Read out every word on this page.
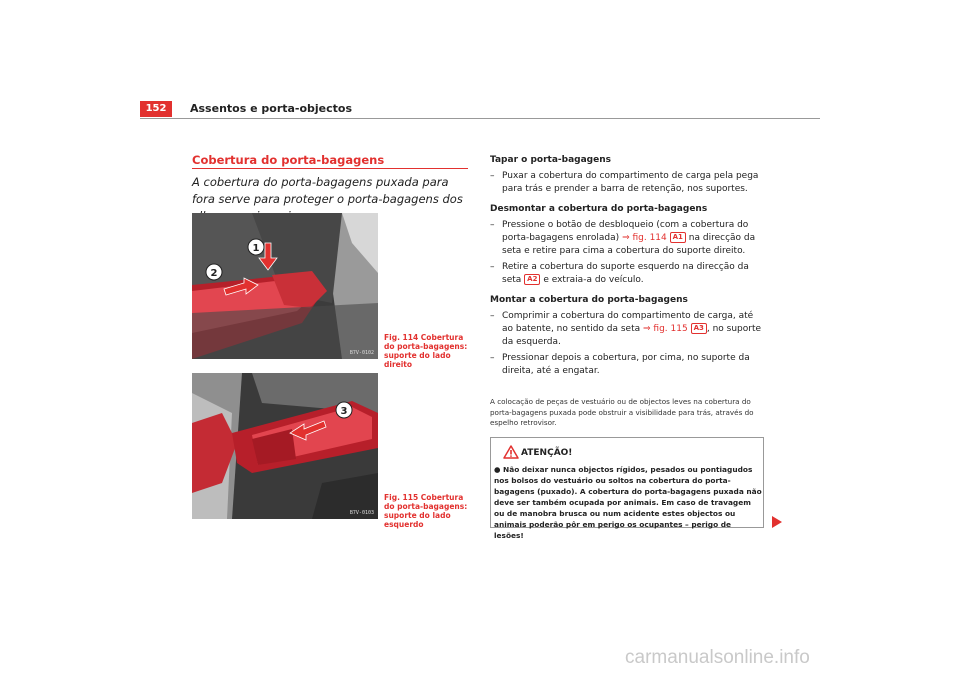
152	Assentos e porta-objectos
Cobertura do porta-bagagens
A cobertura do porta-bagagens puxada para fora serve para proteger o porta-bagagens dos
1
2
B7V-0102
Fig. 114 Cobertura do porta-bagagens: suporte do lado direito
3
B7V-0103
Fig. 115 Cobertura do porta-bagagens: suporte do lado esquerdo
Tapar o porta-bagagens
– Puxar a cobertura do compartimento de carga pela pega para trás e prender a barra de retenção, nos suportes.
Desmontar a cobertura do porta-bagagens
– Pressione o botão de desbloqueio (com a cobertura do porta-bagagens enrolada) ⇒ fig. 114 A1 na direcção da seta e retire para cima a cobertura do suporte direito.
– Retire a cobertura do suporte esquerdo na direcção da seta A2 e extraia-a do veículo.
Montar a cobertura do porta-bagagens
– Comprimir a cobertura do compartimento de carga, até ao batente, no sentido da seta ⇒ fig. 115 A3 , no suporte da esquerda.
– Pressionar depois a cobertura, por cima, no suporte da direita, até a engatar.
A colocação de peças de vestuário ou de objectos leves na cobertura do porta-bagagens puxada pode obstruir a visibilidade para trás, através do espelho retrovisor.
ATENÇÃO!
● Não deixar nunca objectos rígidos, pesados ou pontiagudos nos bolsos do vestuário ou soltos na cobertura do porta-bagagens (puxado). A cobertura do porta-bagagens puxada não deve ser também ocupada por animais. Em caso de travagem ou de manobra brusca ou num acidente estes objectos ou animais poderão pôr em perigo os ocupantes – perigo de lesões!
carmanualsonline.info
